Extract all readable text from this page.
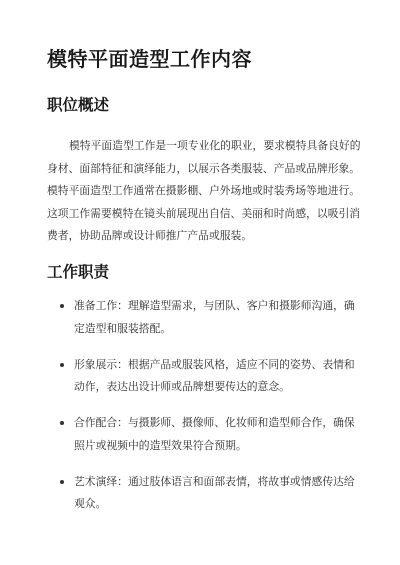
模特平面造型工作内容
职位概述
模特平面造型工作是一项专业化的职业，要求模特具备良好的
身材、面部特征和演绎能力，以展示各类服装、产品或品牌形象。
模特平面造型工作通常在摄影棚、户外场地或时装秀场等地进行。
这项工作需要模特在镜头前展现出自信、美丽和时尚感，以吸引消
费者，协助品牌或设计师推广产品或服装。
工作职责
准备工作：理解造型需求，与团队、客户和摄影师沟通，确
定造型和服装搭配。
形象展示：根据产品或服装风格，适应不同的姿势、表情和
动作，表达出设计师或品牌想要传达的意念。
合作配合：与摄影师、摄像师、化妆师和造型师合作，确保
照片或视频中的造型效果符合预期。
艺术演绎：通过肢体语言和面部表情，将故事或情感传达给
观众。
